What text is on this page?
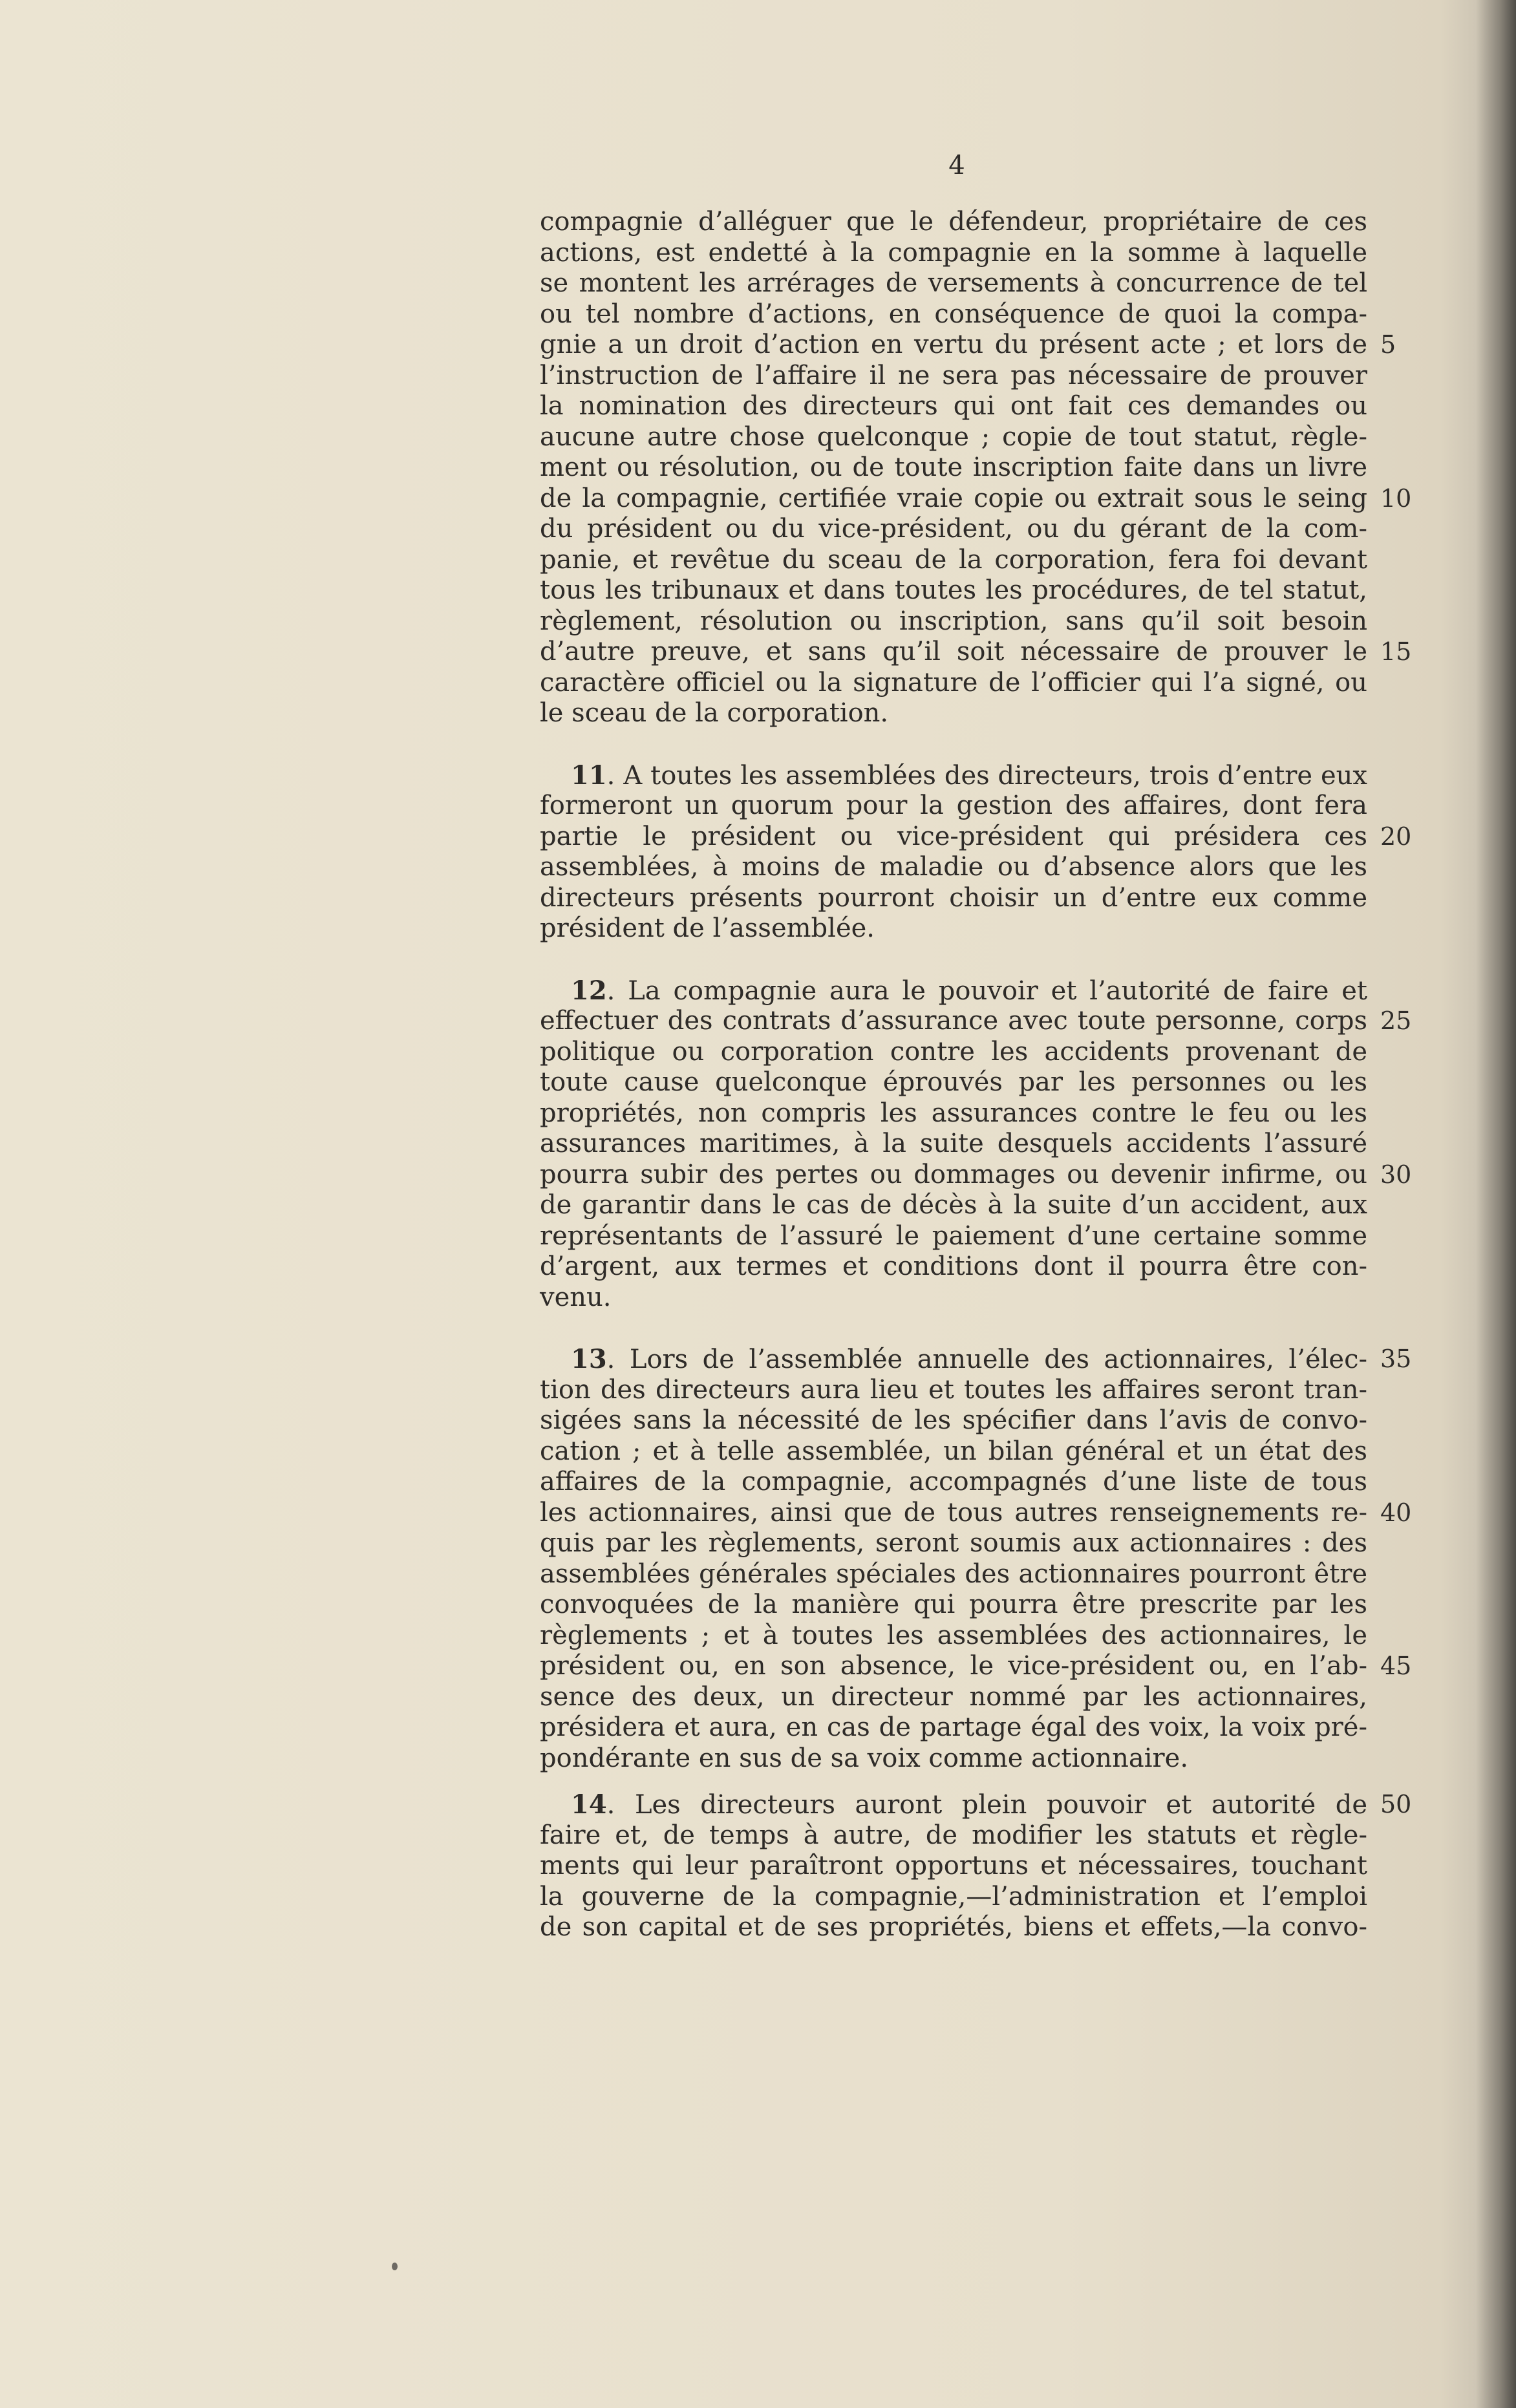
4
compagnie d’alléguer que le défendeur, propriétaire de ces
actions, est endetté à la compagnie en la somme à laquelle
se montent les arrérages de versements à concurrence de tel
ou tel nombre d’actions, en conséquence de quoi la compa-
gnie a un droit d’action en vertu du présent acte ; et lors de 5
l’instruction de l’affaire il ne sera pas nécessaire de prouver
la nomination des directeurs qui ont fait ces demandes ou
aucune autre chose quelconque ; copie de tout statut, règle-
ment ou résolution, ou de toute inscription faite dans un livre
de la compagnie, certifiée vraie copie ou extrait sous le seing 10
du président ou du vice-président, ou du gérant de la com-
panie, et revêtue du sceau de la corporation, fera foi devant
tous les tribunaux et dans toutes les procédures, de tel statut,
règlement, résolution ou inscription, sans qu’il soit besoin
d’autre preuve, et sans qu’il soit nécessaire de prouver le 15
caractère officiel ou la signature de l’officier qui l’a signé, ou
le sceau de la corporation.
11. A toutes les assemblées des directeurs, trois d’entre eux
formeront un quorum pour la gestion des affaires, dont fera
partie le président ou vice-président qui présidera ces 20
assemblées, à moins de maladie ou d’absence alors que les
directeurs présents pourront choisir un d’entre eux comme
président de l’assemblée.
12. La compagnie aura le pouvoir et l’autorité de faire et
effectuer des contrats d’assurance avec toute personne, corps 25
politique ou corporation contre les accidents provenant de
toute cause quelconque éprouvés par les personnes ou les
propriétés, non compris les assurances contre le feu ou les
assurances maritimes, à la suite desquels accidents l’assuré
pourra subir des pertes ou dommages ou devenir infirme, ou 30
de garantir dans le cas de décès à la suite d’un accident, aux
représentants de l’assuré le paiement d’une certaine somme
d’argent, aux termes et conditions dont il pourra être con-
venu.
13. Lors de l’assemblée annuelle des actionnaires, l’élec- 35
tion des directeurs aura lieu et toutes les affaires seront tran-
sigées sans la nécessité de les spécifier dans l’avis de convo-
cation ; et à telle assemblée, un bilan général et un état des
affaires de la compagnie, accompagnés d’une liste de tous
les actionnaires, ainsi que de tous autres renseignements re- 40
quis par les règlements, seront soumis aux actionnaires : des
assemblées générales spéciales des actionnaires pourront être
convoquées de la manière qui pourra être prescrite par les
règlements ; et à toutes les assemblées des actionnaires, le
président ou, en son absence, le vice-président ou, en l’ab- 45
sence des deux, un directeur nommé par les actionnaires,
présidera et aura, en cas de partage égal des voix, la voix pré-
pondérante en sus de sa voix comme actionnaire.
14. Les directeurs auront plein pouvoir et autorité de 50
faire et, de temps à autre, de modifier les statuts et règle-
ments qui leur paraîtront opportuns et nécessaires, touchant
la gouverne de la compagnie,—l’administration et l’emploi
de son capital et de ses propriétés, biens et effets,—la convo-
